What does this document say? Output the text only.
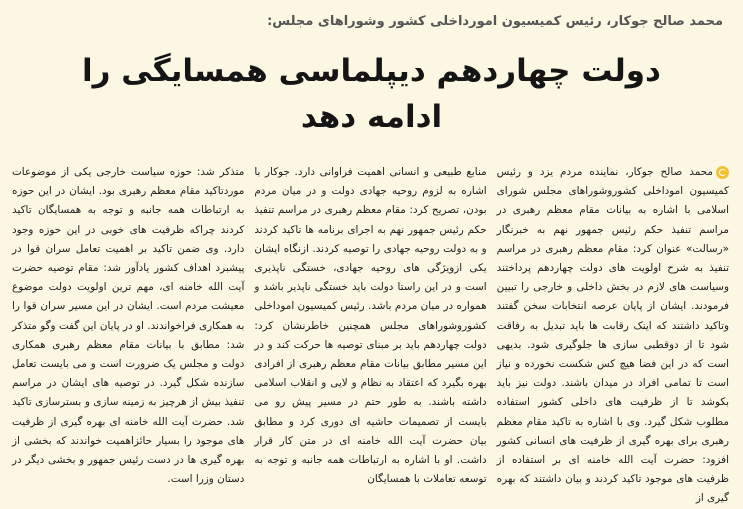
محمد صالح جوکار، رئیس کمیسیون امورداخلی کشور وشوراهای مجلس:
دولت چهاردهم دیپلماسی همسایگی را ادامه دهد

محمد صالح جوکار، نماینده مردم یزد و رئیس کمیسیون اموداخلی کشوروشوراهای مجلس شورای اسلامی با اشاره به بیانات مقام معظم رهبری در مراسم تنفیذ حکم رئیس جمهور نهم به خبرنگار «رسالت» عنوان کرد: مقام معظم رهبری در مراسم تنفیذ به شرح اولویت های دولت چهاردهم پرداختند وسیاست های لازم در بخش داخلی و خارجی را تبیین فرمودند. ایشان از پایان عرصه انتخابات سخن گفتند وتاکید داشتند که اینک رقابت ها باید تبدیل به رفاقت شود تا از دوقطبی سازی ها جلوگیری شود. بدیهی است که در این فضا هیچ کس شکست نخورده و نیاز است تا تمامی افراد در میدان باشند. دولت نیز باید بکوشد تا از ظرفیت های داخلی کشور استفاده مطلوب شکل گیرد. وی با اشاره به تاکید مقام معظم رهبری برای بهره گیری از ظرفیت های انسانی کشور افزود: حضرت آیت الله خامنه ای بر استفاده از ظرفیت های موجود تاکید کردند و بیان داشتند که بهره گیری از

منابع طبیعی و انسانی اهمیت فراوانی دارد. جوکار با اشاره به لزوم روحیه جهادی دولت و در میان مردم بودن، تصریح کرد: مقام معظم رهبری در مراسم تنفیذ حکم رئیس جمهور نهم به اجرای برنامه ها تاکید کردند و به دولت روحیه جهادی را توصیه کردند. ازنگاه ایشان یکی ازویژگی های روحیه جهادی، خستگی ناپذیری است و در این راستا دولت باید خستگی ناپذیر باشد و همواره در میان مردم باشد. رئیس کمیسیون اموداخلی کشوروشوراهای مجلس همچنین خاطرنشان کرد: دولت چهاردهم باید بر مبنای توصیه ها حرکت کند و در این مسیر مطابق بیانات مقام معظم رهبری از افرادی بهره بگیرد که اعتقاد به نظام و لایی و انقلاب اسلامی داشته باشند. به طور حتم در مسیر پیش رو می بایست از تصمیمات حاشیه ای دوری کرد و مطابق بیان حضرت آیت الله خامنه ای در متن کار قرار داشت. او با اشاره به ارتباطات همه جانبه و توجه به توسعه تعاملات با همسایگان

متذکر شد: حوزه سیاست خارجی یکی از موضوعات موردتاکید مقام معظم رهبری بود. ایشان در این حوزه به ارتباطات همه جانبه و توجه به همسایگان تاکید کردند چراکه ظرفیت های خوبی در این حوزه وجود دارد. وی ضمن تاکید بر اهمیت تعامل سران قوا در پیشبرد اهداف کشور یادآور شد: مقام توصیه حضرت آیت الله خامنه ای، مهم ترین اولویت دولت موضوع معیشت مردم است. ایشان در این مسیر سران قوا را به همکاری فراخواندند. او در پایان این گفت وگو متذکر شد: مطابق با بیانات مقام معظم رهبری همکاری دولت و مجلس یک ضرورت است و می بایست تعامل سازنده شکل گیرد. در توصیه های ایشان در مراسم تنفیذ بیش از هرچیز به زمینه سازی و بسترسازی تاکید شد. حضرت آیت الله خامنه ای بهره گیری از ظرفیت های موجود را بسیار حائزاهمیت خواندند که بخشی از بهره گیری ها در دست رئیس جمهور و بخشی دیگر در دستان وزرا است.
